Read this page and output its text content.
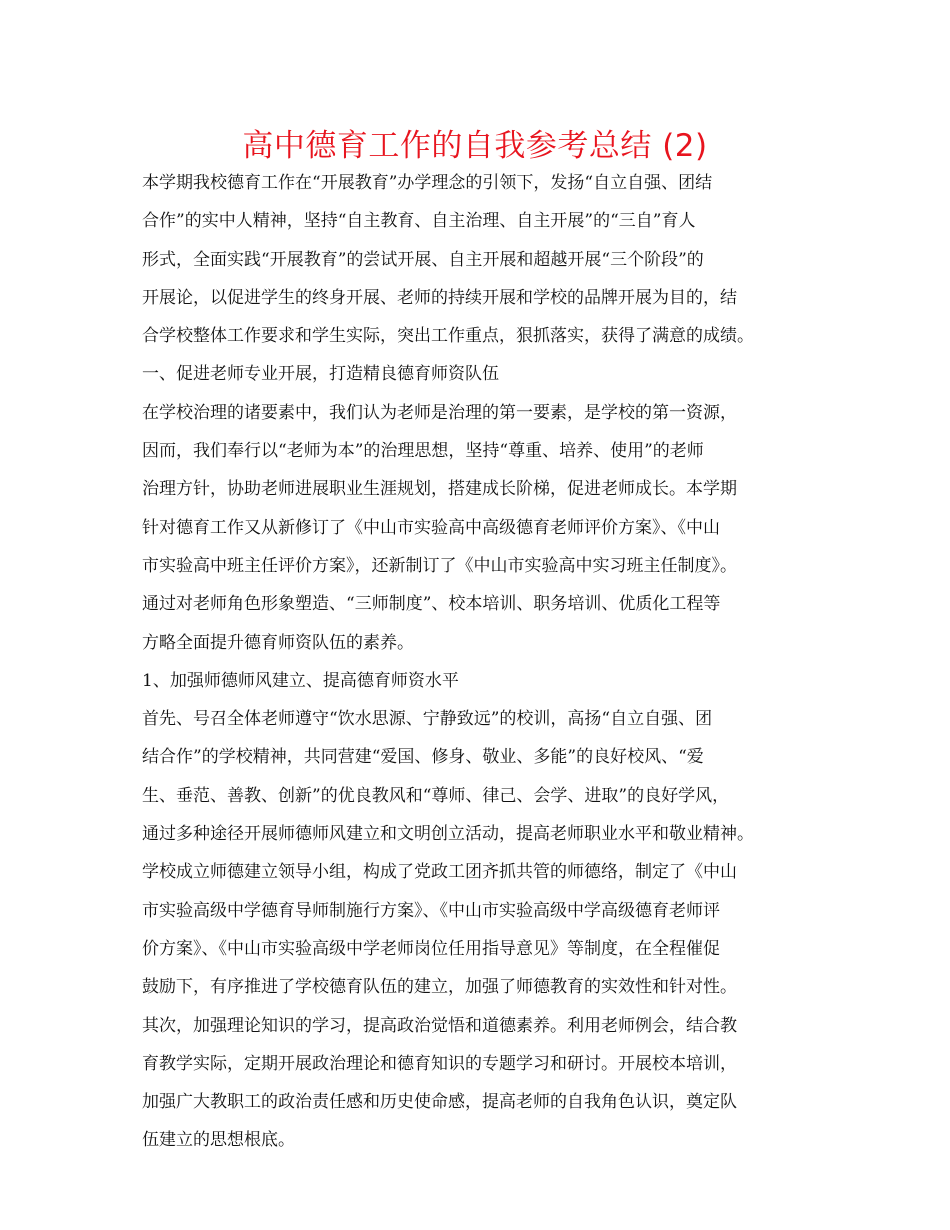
高中德育工作的自我参考总结 (2)
本学期我校德育工作在“开展教育”办学理念的引领下，发扬“自立自强、团结
合作”的实中人精神，坚持“自主教育、自主治理、自主开展”的“三自”育人
形式，全面实践“开展教育”的尝试开展、自主开展和超越开展“三个阶段”的
开展论，以促进学生的终身开展、老师的持续开展和学校的品牌开展为目的，结
合学校整体工作要求和学生实际，突出工作重点，狠抓落实，获得了满意的成绩。
一、促进老师专业开展，打造精良德育师资队伍
在学校治理的诸要素中，我们认为老师是治理的第一要素，是学校的第一资源，
因而，我们奉行以“老师为本”的治理思想，坚持“尊重、培养、使用”的老师
治理方针，协助老师进展职业生涯规划，搭建成长阶梯，促进老师成长。本学期
针对德育工作又从新修订了《中山市实验高中高级德育老师评价方案》、《中山
市实验高中班主任评价方案》，还新制订了《中山市实验高中实习班主任制度》。
通过对老师角色形象塑造、“三师制度”、校本培训、职务培训、优质化工程等
方略全面提升德育师资队伍的素养。
1、加强师德师风建立、提高德育师资水平
首先、号召全体老师遵守“饮水思源、宁静致远”的校训，高扬“自立自强、团
结合作”的学校精神，共同营建“爱国、修身、敬业、多能”的良好校风、“爱
生、垂范、善教、创新”的优良教风和“尊师、律己、会学、进取”的良好学风，
通过多种途径开展师德师风建立和文明创立活动，提高老师职业水平和敬业精神。
学校成立师德建立领导小组，构成了党政工团齐抓共管的师德络，制定了《中山
市实验高级中学德育导师制施行方案》、《中山市实验高级中学高级德育老师评
价方案》、《中山市实验高级中学老师岗位任用指导意见》等制度，在全程催促
鼓励下，有序推进了学校德育队伍的建立，加强了师德教育的实效性和针对性。
其次，加强理论知识的学习，提高政治觉悟和道德素养。利用老师例会，结合教
育教学实际，定期开展政治理论和德育知识的专题学习和研讨。开展校本培训，
加强广大教职工的政治责任感和历史使命感，提高老师的自我角色认识，奠定队
伍建立的思想根底。
